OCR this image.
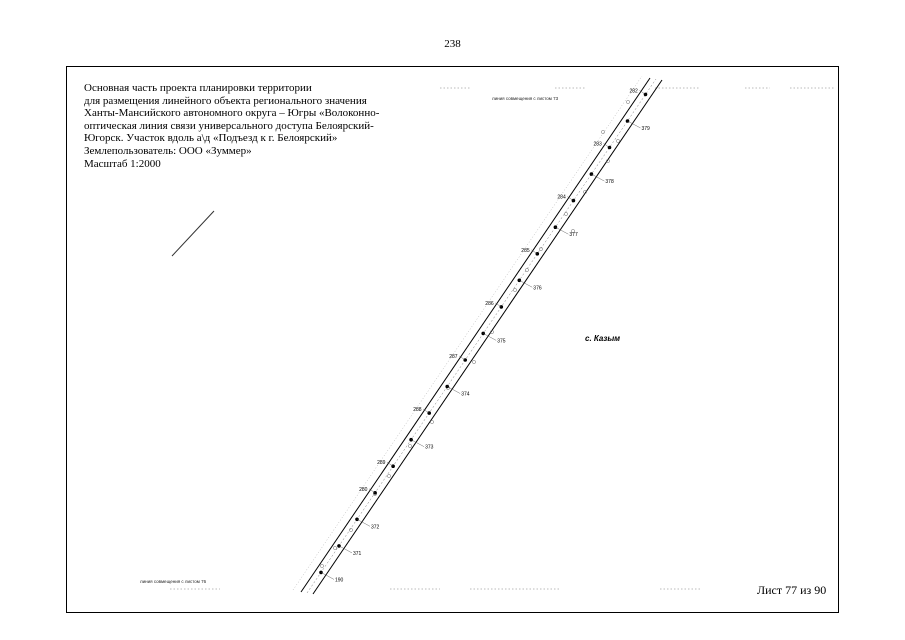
238
Основная часть проекта планировки территории
для размещения линейного объекта регионального значения
Ханты-Мансийского автономного округа – Югры «Волоконно-
оптическая линия связи универсального доступа Белоярский-
Югорск. Участок вдоль а\д «Подъезд к г. Белоярский»
Землепользователь: ООО «Зуммер»
Масштаб 1:2000
линия совмещения с листом 73
линия совмещения с листом 76
с. Казым
Лист 77 из 90
190
371
372
280
289
373
288
374
287
375
286
376
285
377
284
378
283
379
282
